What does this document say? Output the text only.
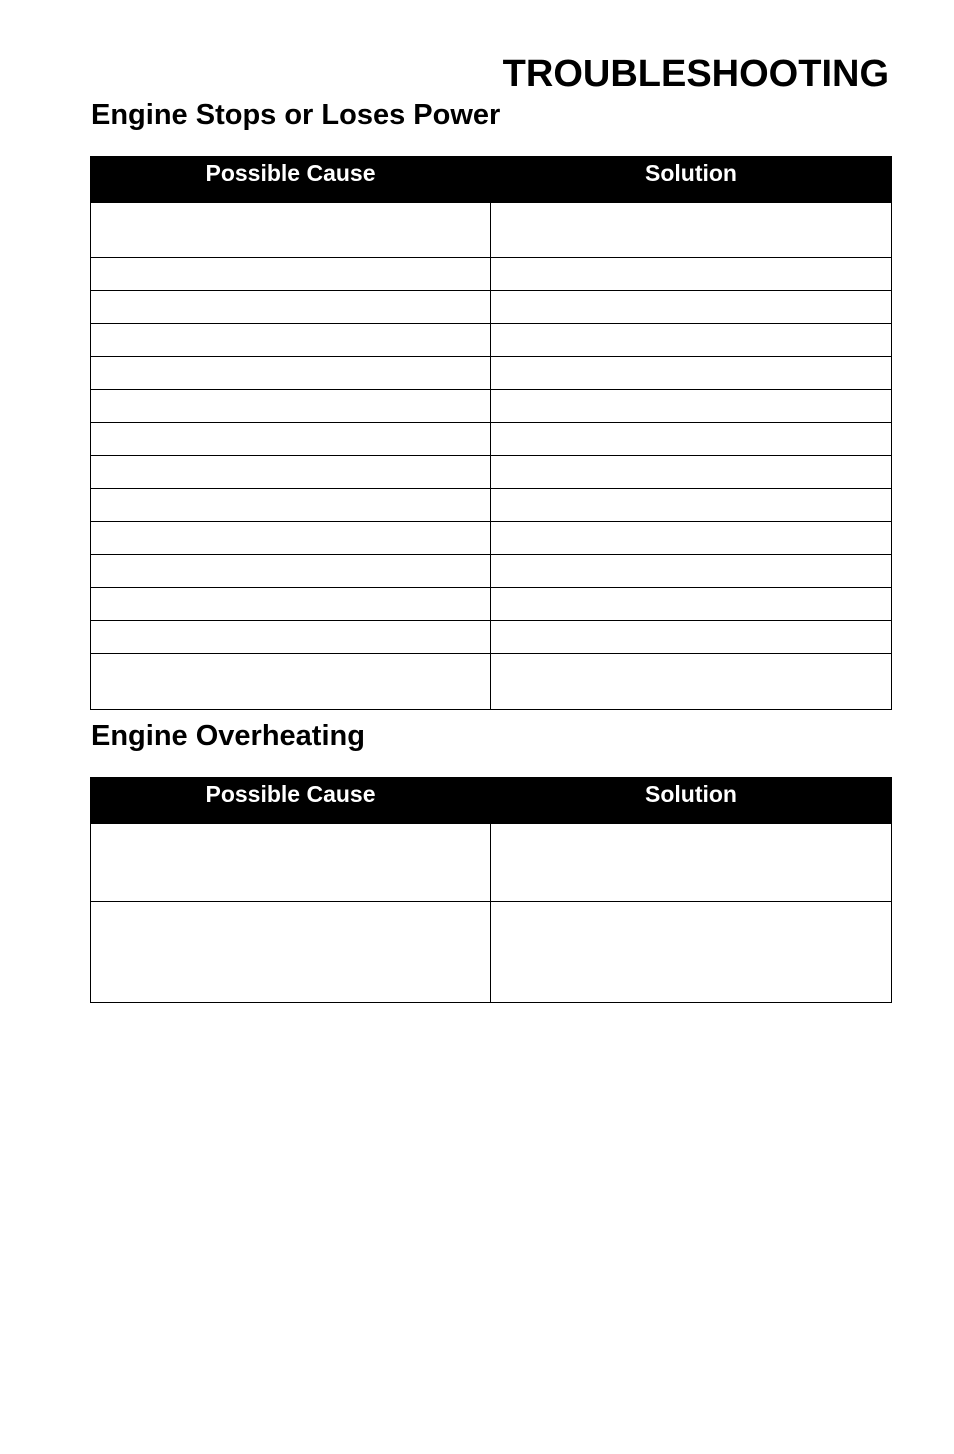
TROUBLESHOOTING
Engine Stops or Loses Power
Possible Cause	Solution

Engine Overheating
Possible Cause	Solution
